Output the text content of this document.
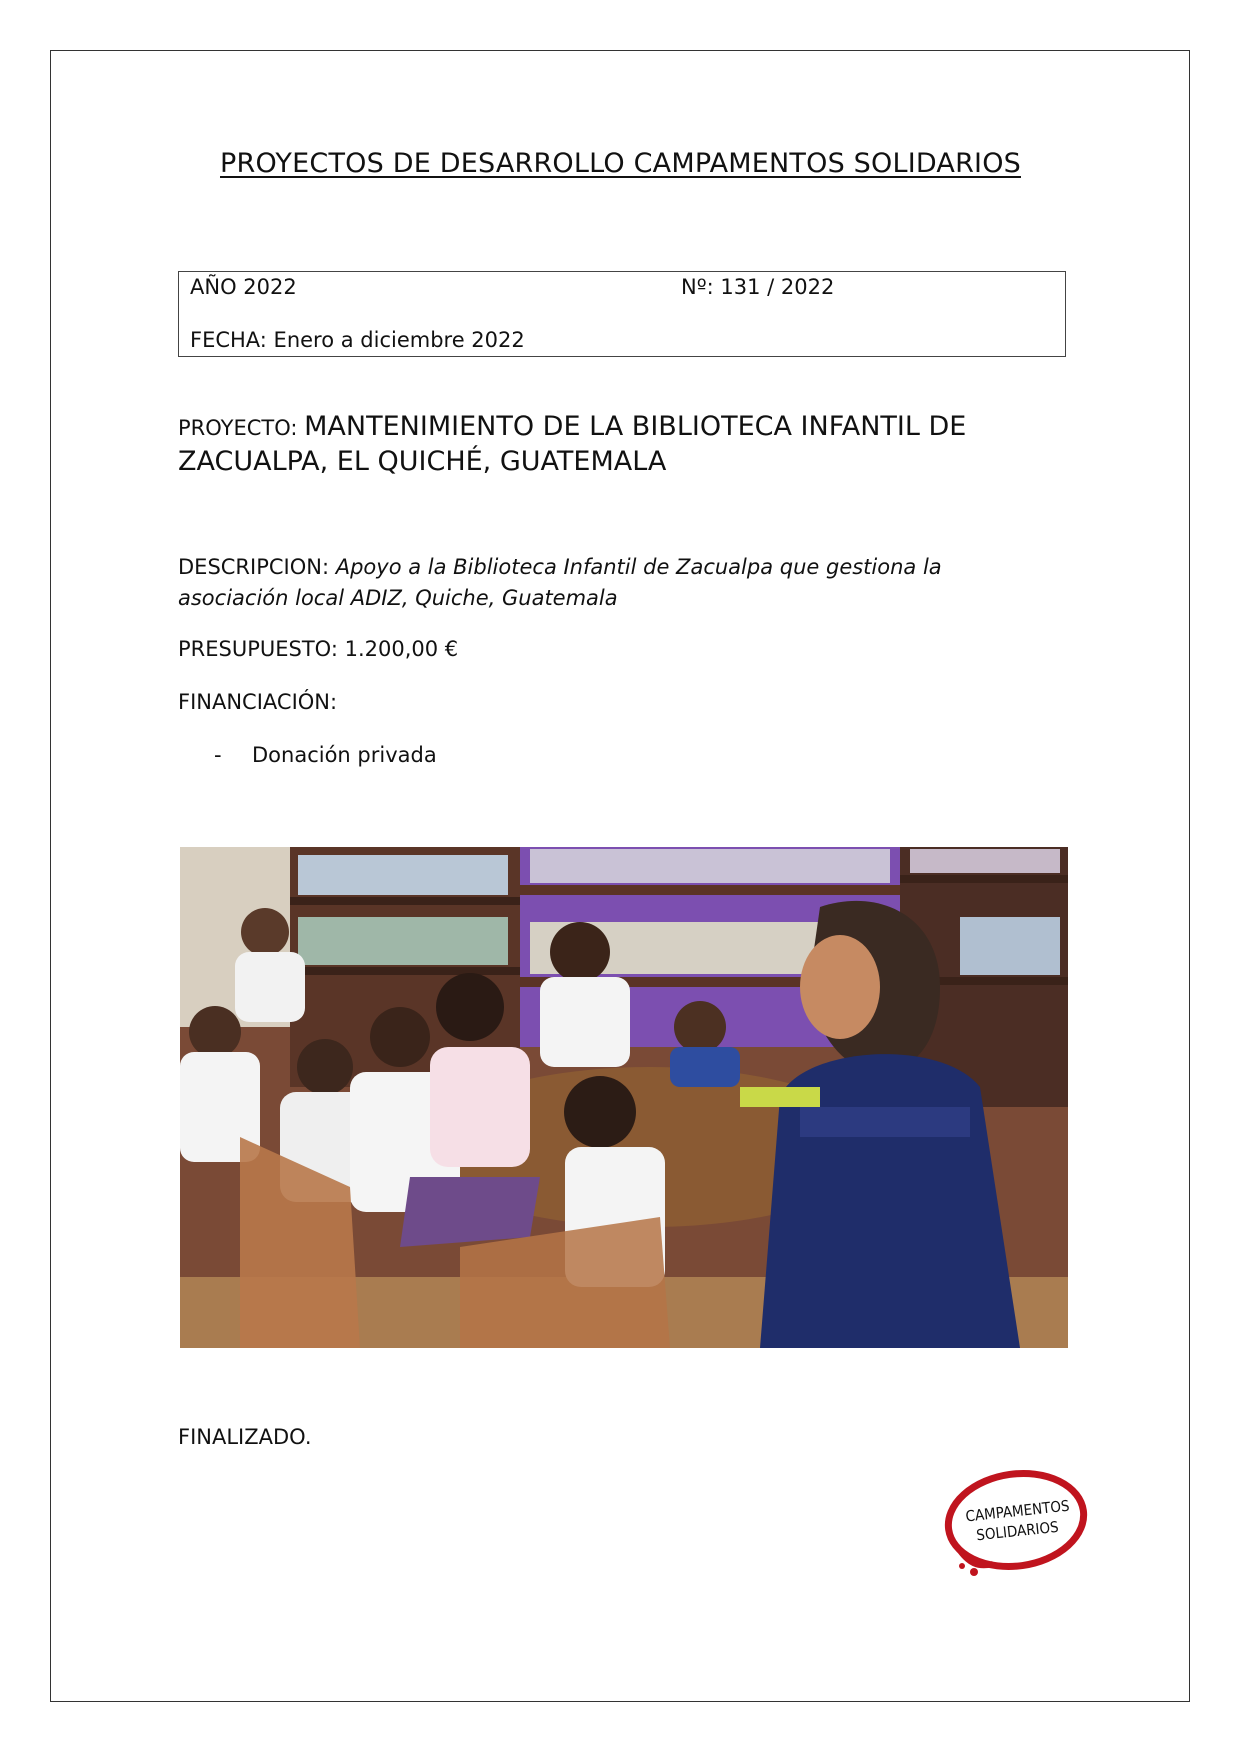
PROYECTOS DE DESARROLLO CAMPAMENTOS SOLIDARIOS
AÑO 2022	Nº: 131 / 2022
FECHA: Enero a diciembre 2022
PROYECTO: MANTENIMIENTO DE LA BIBLIOTECA INFANTIL DE ZACUALPA, EL QUICHÉ, GUATEMALA
DESCRIPCION: Apoyo a la Biblioteca Infantil de Zacualpa que gestiona la asociación local ADIZ, Quiche, Guatemala
PRESUPUESTO: 1.200,00 €
FINANCIACIÓN:
- Donación privada
FINALIZADO.
CAMPAMENTOS
SOLIDARIOS
